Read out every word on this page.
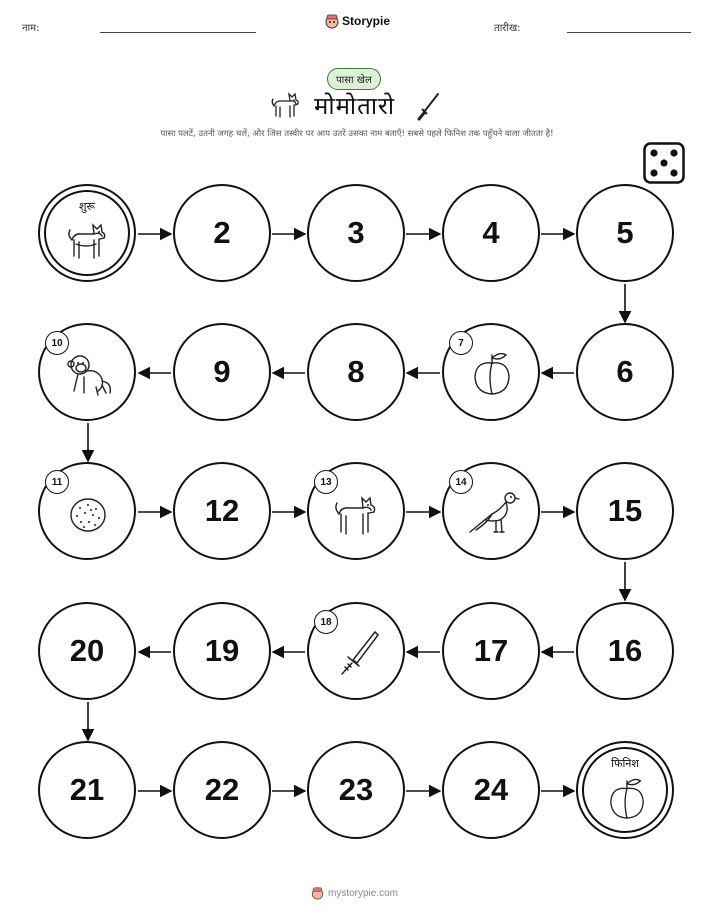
नाम:
Storypie
तारीख:
पासा खेल
मोमोतारो
पासा पलटें, उतनी जगह चलें, और जिस तस्वीर पर आप उतरें उसका नाम बताएँ! सबसे पहले फिनिश तक पहुँचने वाला जीतता है!
शुरू
2	3	4	5
10
9	8
7
6
11
12
13	14
15
20	19
18
17	16
21	22	23	24
फिनिश
mystorypie.com
